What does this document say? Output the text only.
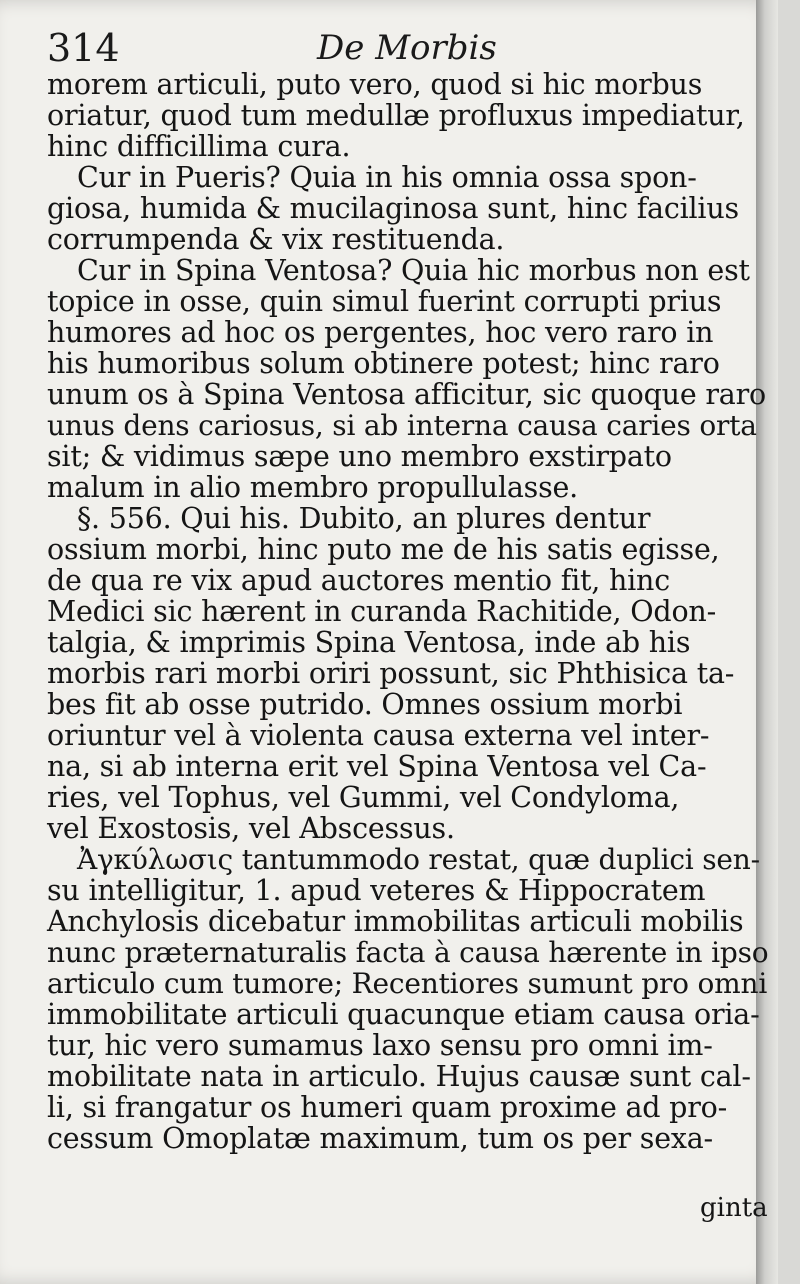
314	De Morbis
morem articuli, puto vero, quod si hic morbus
oriatur, quod tum medullæ profluxus impediatur,
hinc difficillima cura.
Cur in Pueris? Quia in his omnia ossa spon-
giosa, humida & mucilaginosa sunt, hinc facilius
corrumpenda & vix restituenda.
Cur in Spina Ventosa? Quia hic morbus non est
topice in osse, quin simul fuerint corrupti prius
humores ad hoc os pergentes, hoc vero raro in
his humoribus solum obtinere potest; hinc raro
unum os à Spina Ventosa afficitur, sic quoque raro
unus dens cariosus, si ab interna causa caries orta
sit; & vidimus sæpe uno membro exstirpato
malum in alio membro propullulasse.
§. 556. Qui his. Dubito, an plures dentur
ossium morbi, hinc puto me de his satis egisse,
de qua re vix apud auctores mentio fit, hinc
Medici sic hærent in curanda Rachitide, Odon-
talgia, & imprimis Spina Ventosa, inde ab his
morbis rari morbi oriri possunt, sic Phthisica ta-
bes fit ab osse putrido. Omnes ossium morbi
oriuntur vel à violenta causa externa vel inter-
na, si ab interna erit vel Spina Ventosa vel Ca-
ries, vel Tophus, vel Gummi, vel Condyloma,
vel Exostosis, vel Abscessus.
Ἀγκύλωσις tantummodo restat, quæ duplici sen-
su intelligitur, 1. apud veteres & Hippocratem
Anchylosis dicebatur immobilitas articuli mobilis
nunc præternaturalis facta à causa hærente in ipso
articulo cum tumore; Recentiores sumunt pro omni
immobilitate articuli quacunque etiam causa oria-
tur, hic vero sumamus laxo sensu pro omni im-
mobilitate nata in articulo. Hujus causæ sunt cal-
li, si frangatur os humeri quam proxime ad pro-
cessum Omoplatæ maximum, tum os per sexa-
ginta
